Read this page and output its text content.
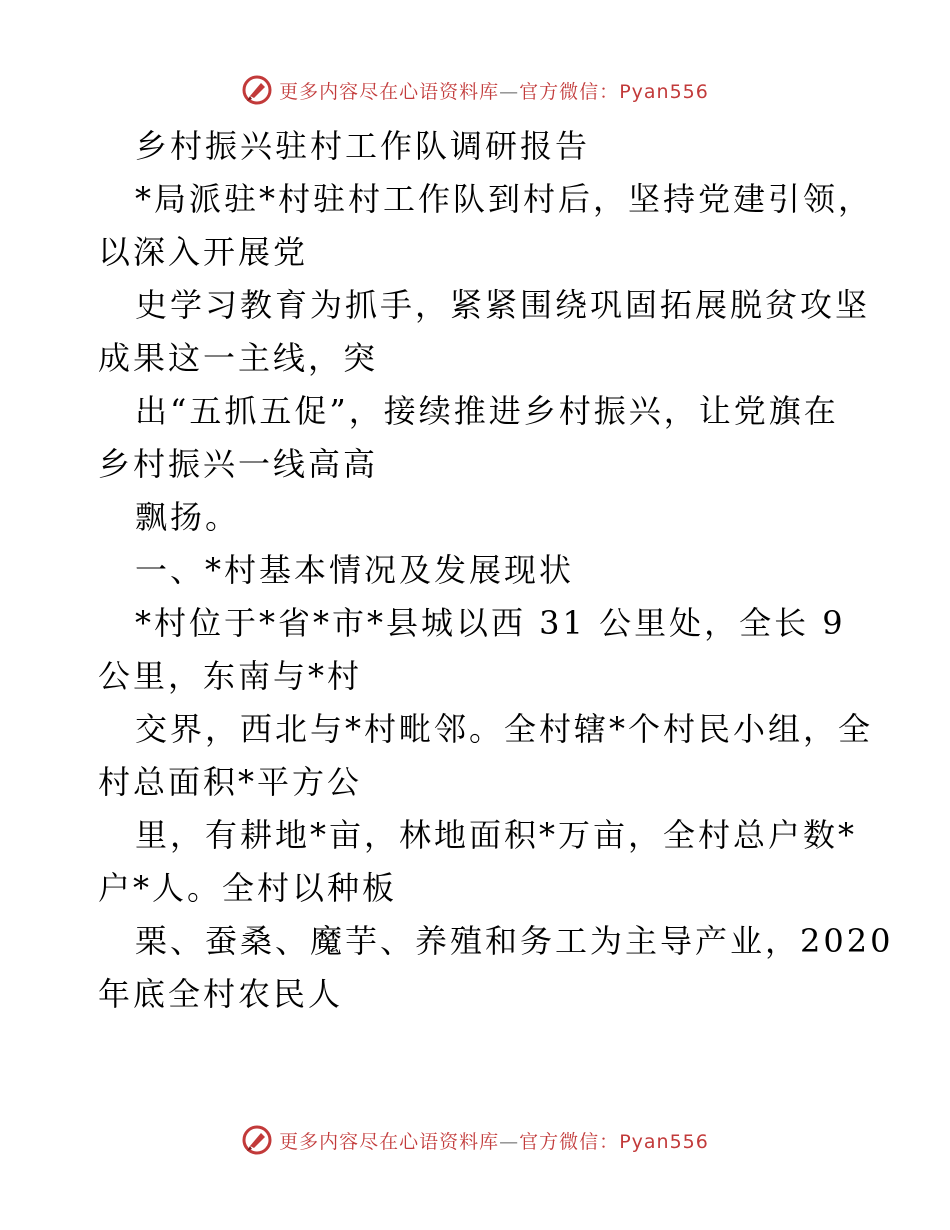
更多内容尽在心语资料库—官方微信：Pyan556
乡村振兴驻村工作队调研报告
*局派驻*村驻村工作队到村后，坚持党建引领，
以深入开展党
史学习教育为抓手，紧紧围绕巩固拓展脱贫攻坚
成果这一主线，突
出“五抓五促”，接续推进乡村振兴，让党旗在
乡村振兴一线高高
飘扬。
一、*村基本情况及发展现状
*村位于*省*市*县城以西 31 公里处，全长 9
公里，东南与*村
交界，西北与*村毗邻。全村辖*个村民小组，全
村总面积*平方公
里，有耕地*亩，林地面积*万亩，全村总户数*
户*人。全村以种板
栗、蚕桑、魔芋、养殖和务工为主导产业，2020
年底全村农民人
更多内容尽在心语资料库—官方微信：Pyan556
